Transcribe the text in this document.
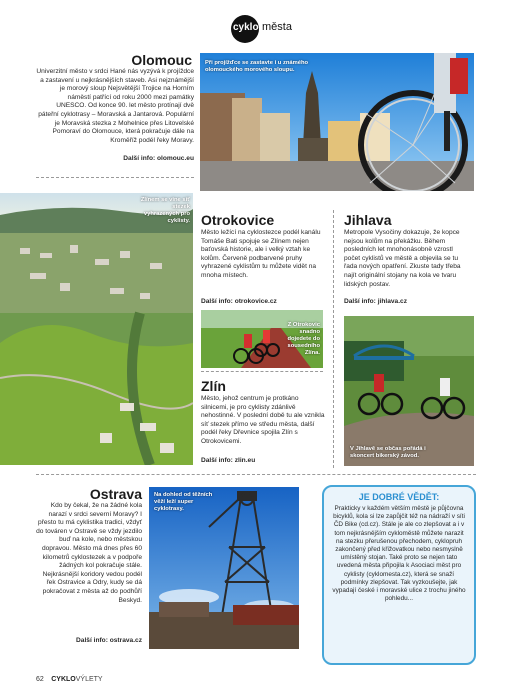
cyklo města
Olomouc
Univerzitní město v srdci Hané nás vyzývá k projíždce a zastavení u nejkrásnějších staveb. Asi nejznámější je morový sloup Nejsvětější Trojice na Horním náměstí patřící od roku 2000 mezi památky UNESCO. Od konce 90. let město protínají dvě páteřní cyklotrasy – Moravská a Jantarová. Populární je Moravská stezka z Mohelnice přes Litovelské Pomoraví do Olomouce, která pokračuje dále na Kroměříž podél řeky Moravy.
Další info: olomouc.eu
Při projížďce se zastavte i u známého olomouckého morového sloupu.
Zlínem se vine síť stezek vyhrazených pro cyklisty. Otrokovice
Město ležící na cyklostezce podél kanálu Tomáše Bati spojuje se Zlínem nejen baťovská historie, ale i velký vztah ke kolům. Červeně podbarvené pruhy vyhrazené cyklistům tu můžete vidět na mnoha místech.
Další info: otrokovice.cz
Z Otrokovic snadno dojedete do sousedního Zlína.
Jihlava
Metropole Vysočiny dokazuje, že kopce nejsou kolům na překážku. Během posledních let mnohonásobně vzrostl počet cyklistů ve městě a objevila se tu řada nových opatření. Zkuste tady třeba najít originální stojany na kola ve tvaru lidských postav.
Další info: jihlava.cz
V Jihlavě se občas pořádá i skoncert bikerský závod.
Zlín
Město, jehož centrum je protkáno silnicemi, je pro cyklisty zdánlivě nehostinné. V poslední době tu ale vznikla síť stezek přímo ve středu města, další podél řeky Dřevnice spojila Zlín s Otrokovicemi.
Další info: zlin.eu
Ostrava
Kdo by čekal, že na žádné kola narazí v srdci severní Moravy? I přesto tu má cyklistika tradici, vždyť do továren v Ostravě se vždy jezdilo buď na kole, nebo městskou dopravou. Město má dnes přes 60 kilometrů cyklostezek a v podpoře žádných kol pokračuje stále. Nejkrásnější koridory vedou podél řek Ostravice a Odry, kudy se dá pokračovat z města až do podhůří Beskyd.
Další info: ostrava.cz
Na dohled od těžních věží leží super cyklotrasy.
JE DOBRÉ VĚDĚT:
Prakticky v každém větším městě je půjčovna bicyklů, kola si lze zapůjčit též na nádraží v síti ČD Bike (cd.cz). Stále je ale co zlepšovat a i v tom nejkrásnějším cykloměstě můžete narazit na stezku přerušenou přechodem, cyklopruh zakončený před křižovatkou nebo nesmyslně umístěný stojan. Také proto se nejen tato uvedená města připojila k Asociaci měst pro cyklisty (cyklomesta.cz), která se snaží podmínky zlepšovat. Tak vyzkoušejte, jak vypadají české i moravské ulice z trochu jiného pohledu...
62 CYKLOVÝLETY
